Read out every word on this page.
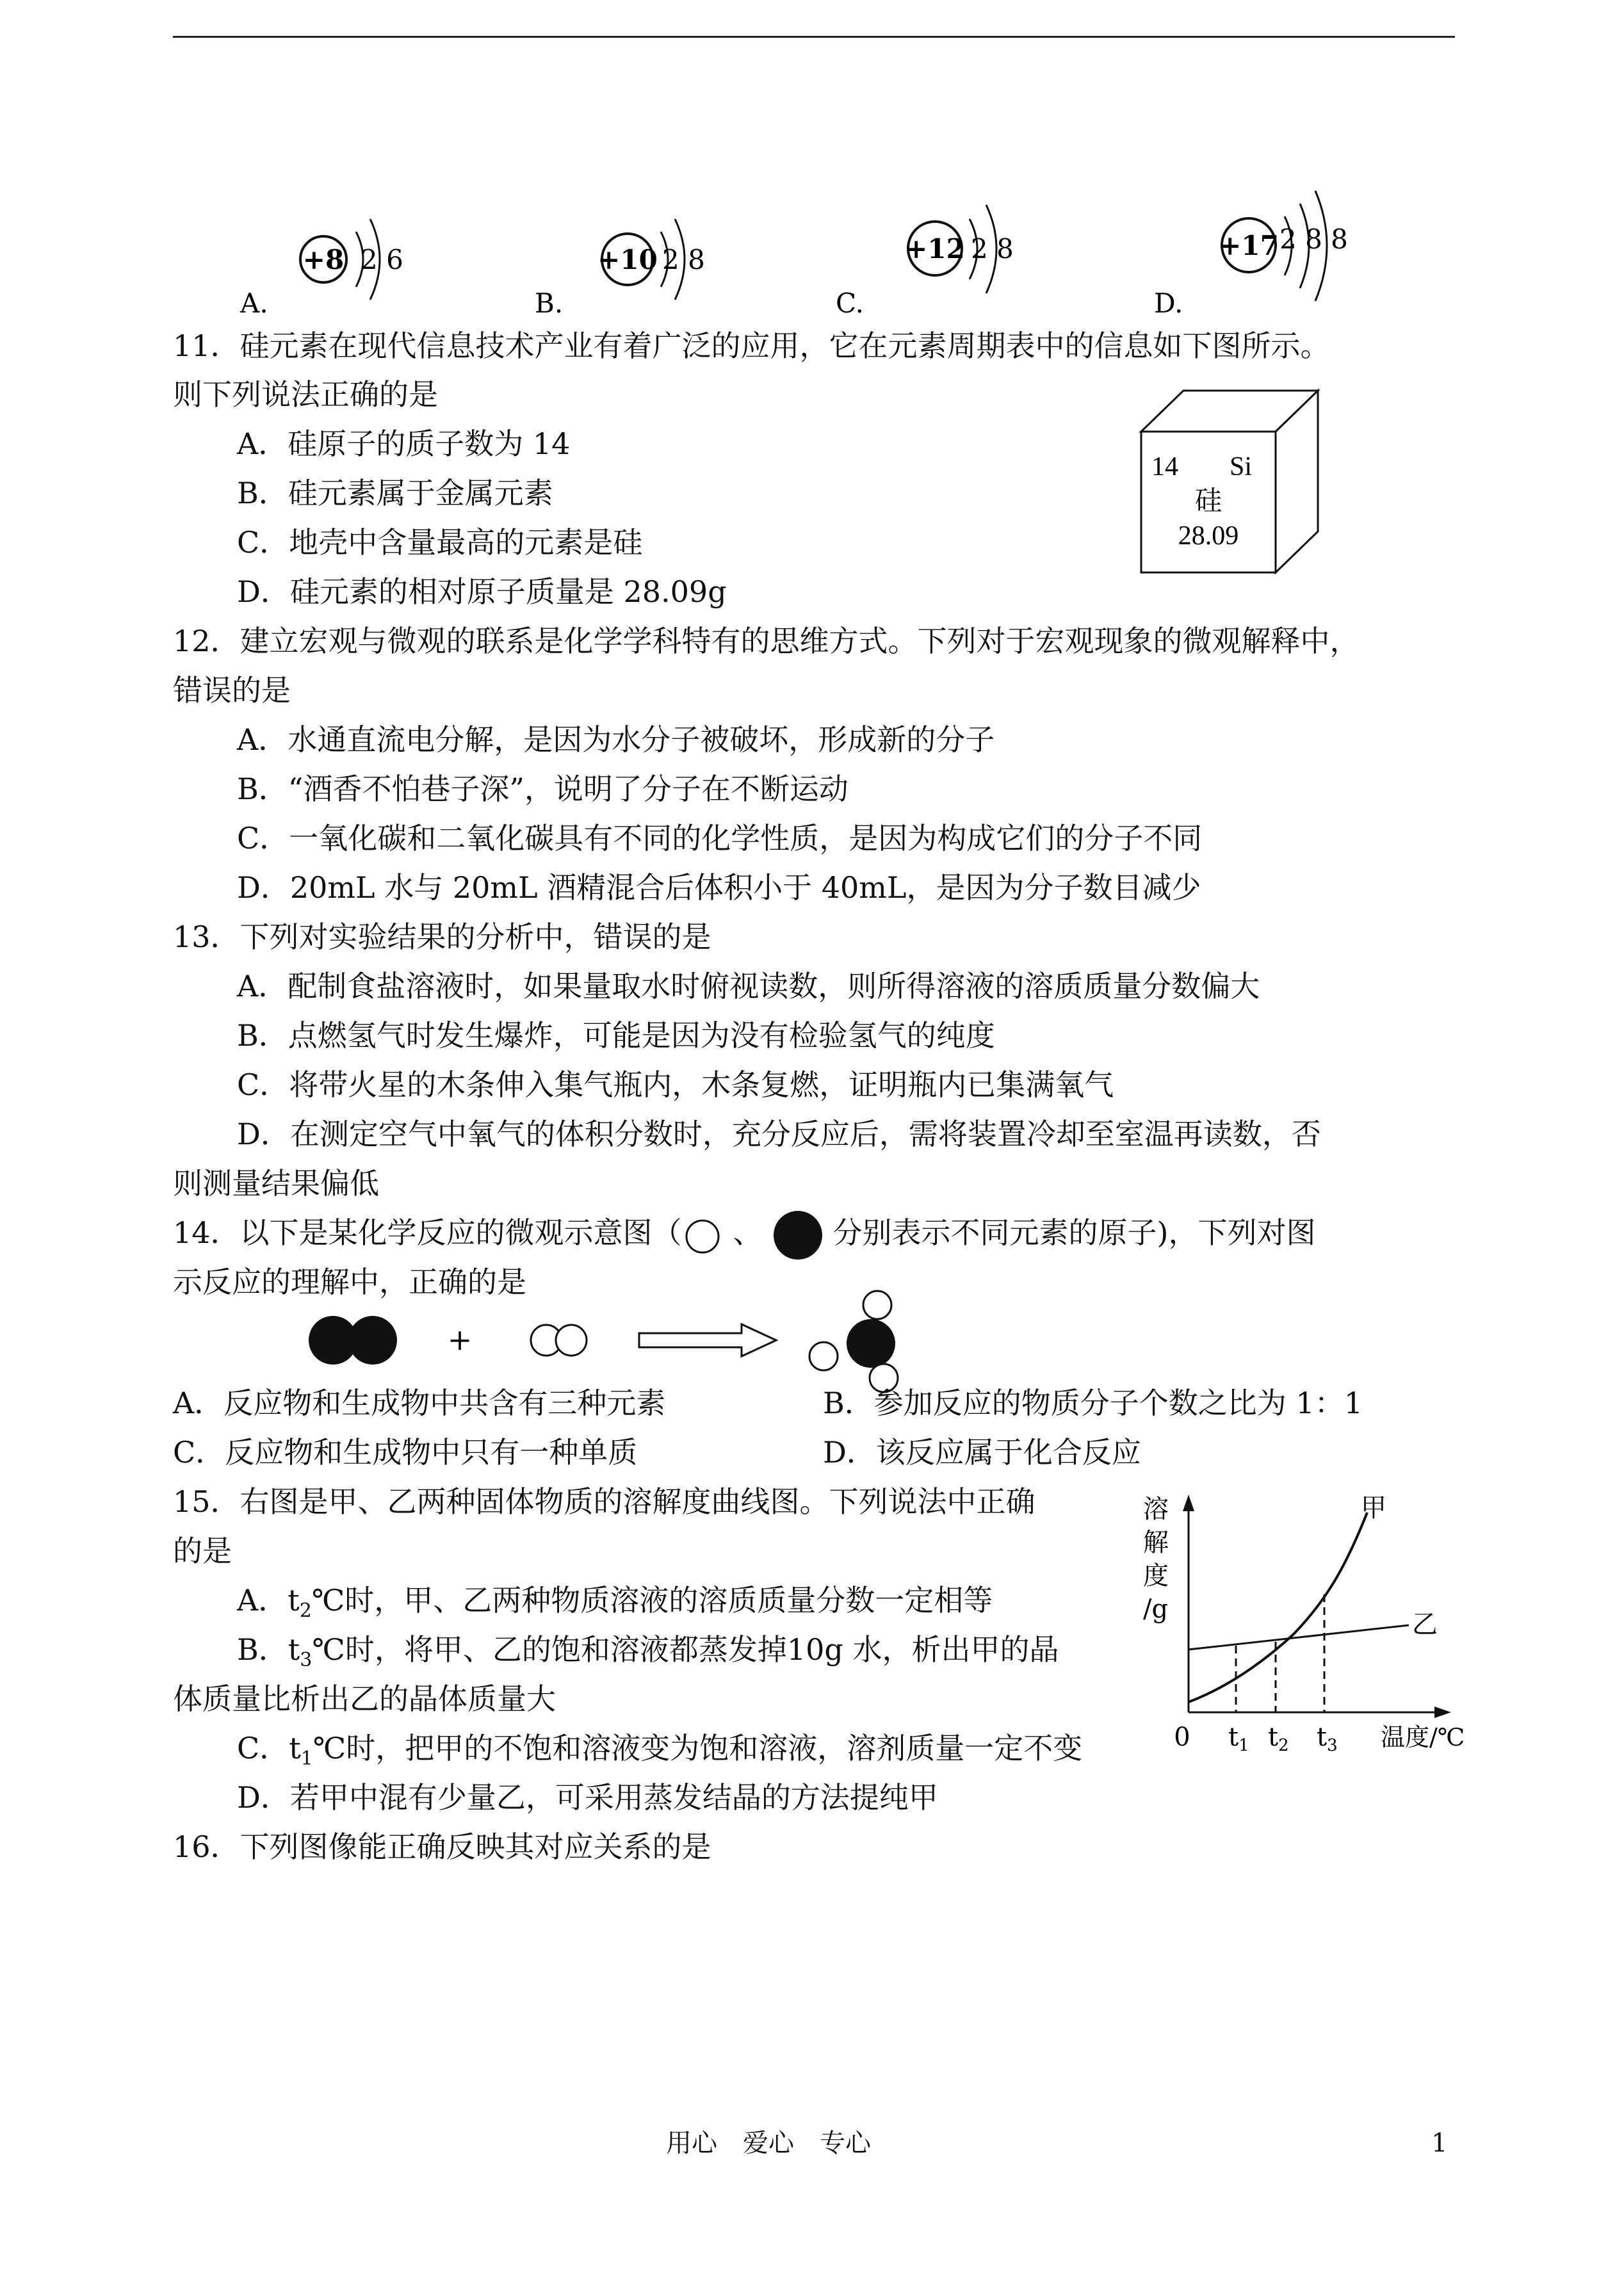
+8 2 6
A.
+10 2 8
B.
+12 2 8
C.
+17 2 8 8
D.
11．硅元素在现代信息技术产业有着广泛的应用，它在元素周期表中的信息如下图所示。
则下列说法正确的是
A．硅原子的质子数为 14
B．硅元素属于金属元素
C．地壳中含量最高的元素是硅
D．硅元素的相对原子质量是 28.09g
14 Si
硅
28.09
12．建立宏观与微观的联系是化学学科特有的思维方式。下列对于宏观现象的微观解释中，
错误的是
A．水通直流电分解，是因为水分子被破坏，形成新的分子
B．“酒香不怕巷子深”，说明了分子在不断运动
C．一氧化碳和二氧化碳具有不同的化学性质，是因为构成它们的分子不同
D．20mL 水与 20mL 酒精混合后体积小于 40mL，是因为分子数目减少
13．下列对实验结果的分析中，错误的是
A．配制食盐溶液时，如果量取水时俯视读数，则所得溶液的溶质质量分数偏大
B．点燃氢气时发生爆炸，可能是因为没有检验氢气的纯度
C．将带火星的木条伸入集气瓶内，木条复燃，证明瓶内已集满氧气
D．在测定空气中氧气的体积分数时，充分反应后，需将装置冷却至室温再读数，否
则测量结果偏低
14．以下是某化学反应的微观示意图（ 、 分别表示不同元素的原子)，下列对图
示反应的理解中，正确的是
+
A．反应物和生成物中共含有三种元素	B．参加反应的物质分子个数之比为 1：1
C．反应物和生成物中只有一种单质	D．该反应属于化合反应
15．右图是甲、乙两种固体物质的溶解度曲线图。下列说法中正确
的是
A．$t_2℃$时，甲、乙两种物质溶液的溶质质量分数一定相等
B．$t_3℃$时，将甲、乙的饱和溶液都蒸发掉10g 水，析出甲的晶
体质量比析出乙的晶体质量大
C．$t_1℃$时，把甲的不饱和溶液变为饱和溶液，溶剂质量一定不变
D．若甲中混有少量乙，可采用蒸发结晶的方法提纯甲
溶
解
度
/g
甲
乙
0 $t_1$ $t_2$ $t_3$ 温度/℃
16．下列图像能正确反映其对应关系的是
用心　爱心　专心	1
